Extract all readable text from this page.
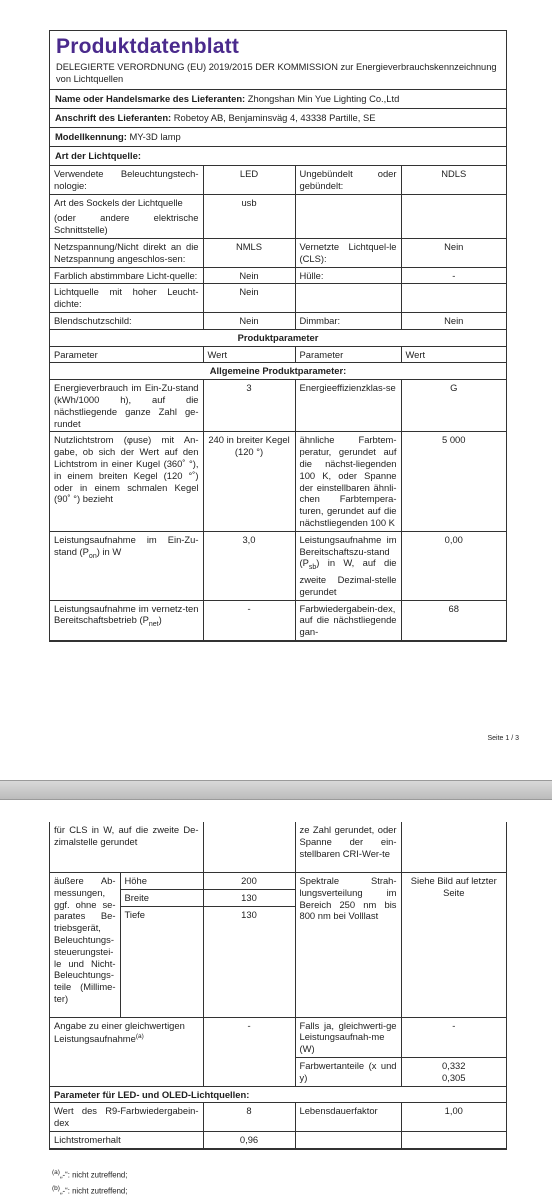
Produktdatenblatt
DELEGIERTE VERORDNUNG (EU) 2019/2015 DER KOMMISSION zur Energieverbrauchskennzeichnung von Lichtquellen
Name oder Handelsmarke des Lieferanten: Zhongshan Min Yue Lighting Co.,Ltd
Anschrift des Lieferanten: Robetoy AB, Benjaminsväg 4, 43338 Partille, SE
Modellkennung: MY-3D lamp
Art der Lichtquelle:
Verwendete Beleuchtungstech-nologie:	LED	Ungebündelt oder gebündelt:	NDLS
Art des Sockels der Lichtquelle	usb		
(oder andere elektrische Schnittstelle)			
Netzspannung/Nicht direkt an die Netzspannung angeschlos-sen:	NMLS	Vernetzte Lichtquel-le (CLS):	Nein
Farblich abstimmbare Licht-quelle:	Nein	Hülle:	-
Lichtquelle mit hoher Leucht-dichte:	Nein		
Blendschutzschild:	Nein	Dimmbar:	Nein
Produktparameter			
Parameter	Wert	Parameter	Wert
Allgemeine Produktparameter:			
Energieverbrauch im Ein-Zu-stand (kWh/1000 h), auf die nächstliegende ganze Zahl ge-rundet	3	Energieeffizienzklas-se	G
Nutzlichtstrom (φuse) mit An-gabe, ob sich der Wert auf den Lichtstrom in einer Kugel (360˚ °), in einem breiten Kegel (120 °˚) oder in einem schmalen Kegel (90˚ °) bezieht	240 in breiter Kegel (120 °)	ähnliche Farbtem-peratur, gerundet auf die nächst-liegenden 100 K, oder Spanne der einstellbaren ähnli-chen Farbtempera-turen, gerundet auf die nächstliegenden 100 K	5 000
Leistungsaufnahme im Ein-Zu-stand $(P_{on})$ in W	3,0	Leistungsaufnahme im Bereitschaftszu-stand $(P_{sb})$ in W, auf die zweite Dezimal-stelle gerundet	0,00
Leistungsaufnahme im vernetz-ten Bereitschaftsbetrieb $(P_{net})$	-	Farbwiedergabein-dex, auf die nächstliegende gan-	68
Seite 1 / 3
für CLS in W, auf die zweite De-zimalstelle gerundet			ze Zahl gerundet, oder Spanne der ein-stellbaren CRI-Wer-te	
äußere Ab-messungen, ggf. ohne se-parates Be-triebsgerät, Beleuchtungs-steuerungstei-le und Nicht-Beleuchtungs-teile (Millime-ter)	Höhe	200	Spektrale Strah-lungsverteilung im Bereich 250 nm bis 800 nm bei Volllast	Siehe Bild auf letzter Seite
	Breite	130		
	Tiefe	130		
Angabe zu einer gleichwertigen Leistungsaufnahme$^{(a)}$		-	Falls ja, gleichwerti-ge Leistungsaufnah-me (W)	-
			Farbwertanteile (x und y)	0,332
0,305

Parameter für LED- und OLED-Lichtquellen:				
Wert des R9-Farbwiedergabein-dex		8	Lebensdauerfaktor	1,00
Lichtstromerhalt		0,96		
$^{(a)}$„-“: nicht zutreffend;
$^{(b)}$„-“: nicht zutreffend;
